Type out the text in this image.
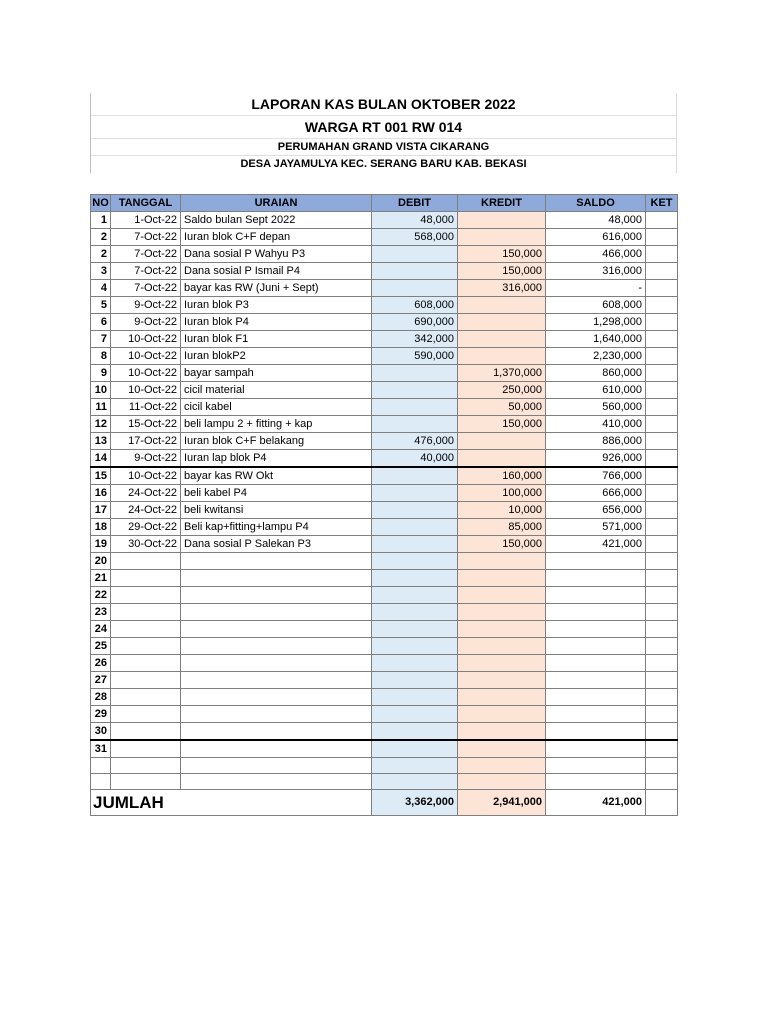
LAPORAN KAS BULAN OKTOBER 2022
WARGA RT 001 RW 014
PERUMAHAN GRAND VISTA CIKARANG
DESA JAYAMULYA KEC. SERANG BARU KAB. BEKASI
NO	TANGGAL	URAIAN	DEBIT	KREDIT	SALDO	KET
1	1-Oct-22	Saldo bulan Sept 2022	48,000		48,000	
2	7-Oct-22	Iuran blok C+F depan	568,000		616,000	
2	7-Oct-22	Dana sosial P Wahyu P3		150,000	466,000	
3	7-Oct-22	Dana sosial P Ismail P4		150,000	316,000	
4	7-Oct-22	bayar kas RW (Juni + Sept)		316,000	-	
5	9-Oct-22	Iuran blok P3	608,000		608,000	
6	9-Oct-22	Iuran blok P4	690,000		1,298,000	
7	10-Oct-22	Iuran blok F1	342,000		1,640,000	
8	10-Oct-22	Iuran blokP2	590,000		2,230,000	
9	10-Oct-22	bayar sampah		1,370,000	860,000	
10	10-Oct-22	cicil material		250,000	610,000	
11	11-Oct-22	cicil kabel		50,000	560,000	
12	15-Oct-22	beli lampu 2 + fitting + kap		150,000	410,000	
13	17-Oct-22	Iuran blok C+F belakang	476,000		886,000	
14	9-Oct-22	Iuran lap blok P4	40,000		926,000	
15	10-Oct-22	bayar kas RW Okt		160,000	766,000	
16	24-Oct-22	beli kabel P4		100,000	666,000	
17	24-Oct-22	beli kwitansi		10,000	656,000	
18	29-Oct-22	Beli kap+fitting+lampu P4		85,000	571,000	
19	30-Oct-22	Dana sosial P Salekan P3		150,000	421,000	
20						
21						
22						
23						
24						
25						
26						
27						
28						
29						
30						
31						

JUMLAH			3,362,000	2,941,000	421,000	
